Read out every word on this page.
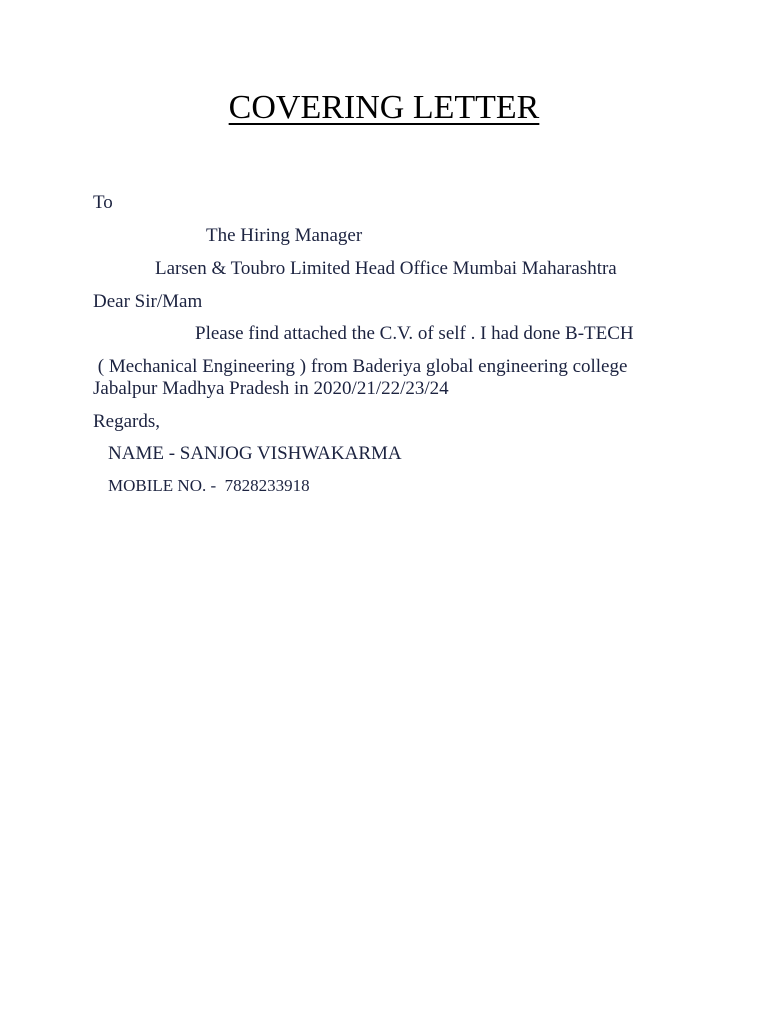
COVERING LETTER
To
The Hiring Manager
Larsen & Toubro Limited Head Office Mumbai Maharashtra
Dear Sir/Mam
Please find attached the C.V. of self . I had done B-TECH
( Mechanical Engineering ) from Baderiya global engineering college
Jabalpur Madhya Pradesh in 2020/21/22/23/24
Regards,
NAME - SANJOG VISHWAKARMA
MOBILE NO. -  7828233918
